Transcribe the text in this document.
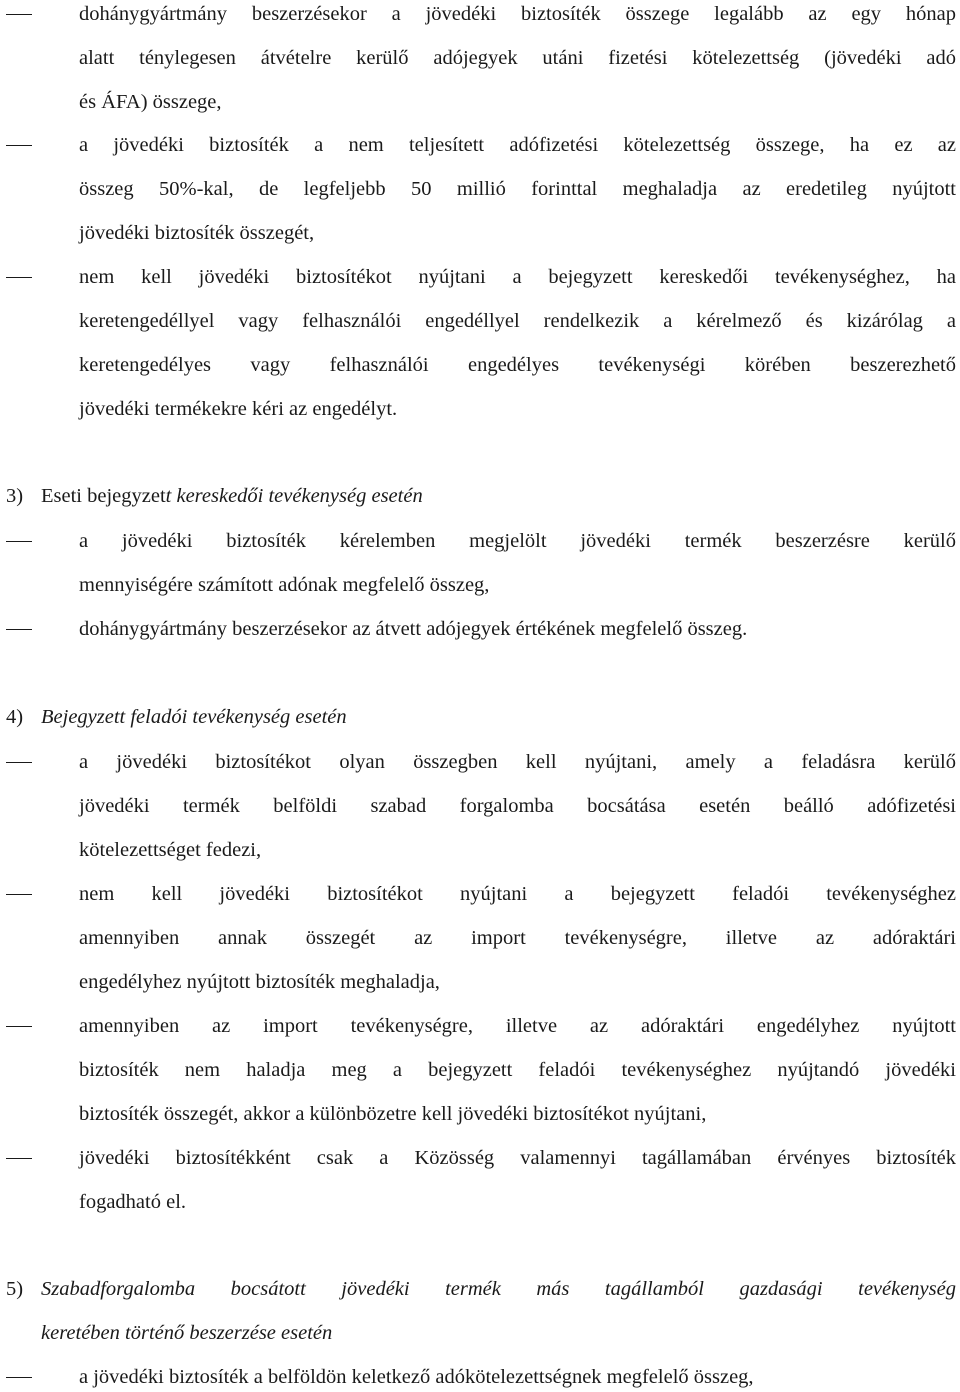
dohánygyártmány beszerzésekor a jövedéki biztosíték összege legalább az egy hónap
alatt ténylegesen átvételre kerülő adójegyek utáni fizetési kötelezettség (jövedéki adó
és ÁFA) összege,
a jövedéki biztosíték a nem teljesített adófizetési kötelezettség összege, ha ez az
összeg 50%-kal, de legfeljebb 50 millió forinttal meghaladja az eredetileg nyújtott
jövedéki biztosíték összegét,
nem kell jövedéki biztosítékot nyújtani a bejegyzett kereskedői tevékenységhez, ha
keretengedéllyel vagy felhasználói engedéllyel rendelkezik a kérelmező és kizárólag a
keretengedélyes vagy felhasználói engedélyes tevékenységi körében beszerezhető
jövedéki termékekre kéri az engedélyt.
3) Eseti bejegyzett kereskedői tevékenység esetén
a jövedéki biztosíték kérelemben megjelölt jövedéki termék beszerzésre kerülő
mennyiségére számított adónak megfelelő összeg,
dohánygyártmány beszerzésekor az átvett adójegyek értékének megfelelő összeg.
4) Bejegyzett feladói tevékenység esetén
a jövedéki biztosítékot olyan összegben kell nyújtani, amely a feladásra kerülő
jövedéki termék belföldi szabad forgalomba bocsátása esetén beálló adófizetési
kötelezettséget fedezi,
nem kell jövedéki biztosítékot nyújtani a bejegyzett feladói tevékenységhez
amennyiben annak összegét az import tevékenységre, illetve az adóraktári
engedélyhez nyújtott biztosíték meghaladja,
amennyiben az import tevékenységre, illetve az adóraktári engedélyhez nyújtott
biztosíték nem haladja meg a bejegyzett feladói tevékenységhez nyújtandó jövedéki
biztosíték összegét, akkor a különbözetre kell jövedéki biztosítékot nyújtani,
jövedéki biztosítékként csak a Közösség valamennyi tagállamában érvényes biztosíték
fogadható el.
5) Szabadforgalomba bocsátott jövedéki termék más tagállamból gazdasági tevékenység
keretében történő beszerzése esetén
a jövedéki biztosíték a belföldön keletkező adókötelezettségnek megfelelő összeg,
